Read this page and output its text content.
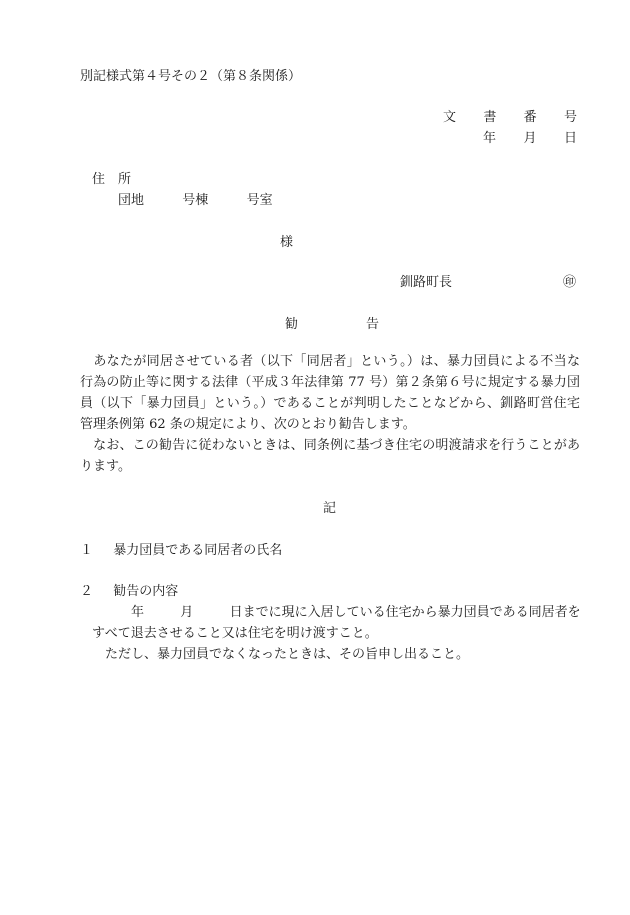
別記様式第４号その２（第８条関係）
文 書 番 号
年 月 日
住　所
団地	号棟	号室
様
釧路町長	㊞
勧	告
　あなたが同居させている者（以下「同居者」という。）は、暴力団員による不当な行為の防止等に関する法律（平成３年法律第 77 号）第２条第６号に規定する暴力団員（以下「暴力団員」という。）であることが判明したことなどから、釧路町営住宅管理条例第 62 条の規定により、次のとおり勧告します。
　なお、この勧告に従わないときは、同条例に基づき住宅の明渡請求を行うことがあります。
記
１ 暴力団員である同居者の氏名
２ 勧告の内容
年	月	日までに現に入居している住宅から暴力団員である同居者を
すべて退去させること又は住宅を明け渡すこと。
ただし、暴力団員でなくなったときは、その旨申し出ること。
